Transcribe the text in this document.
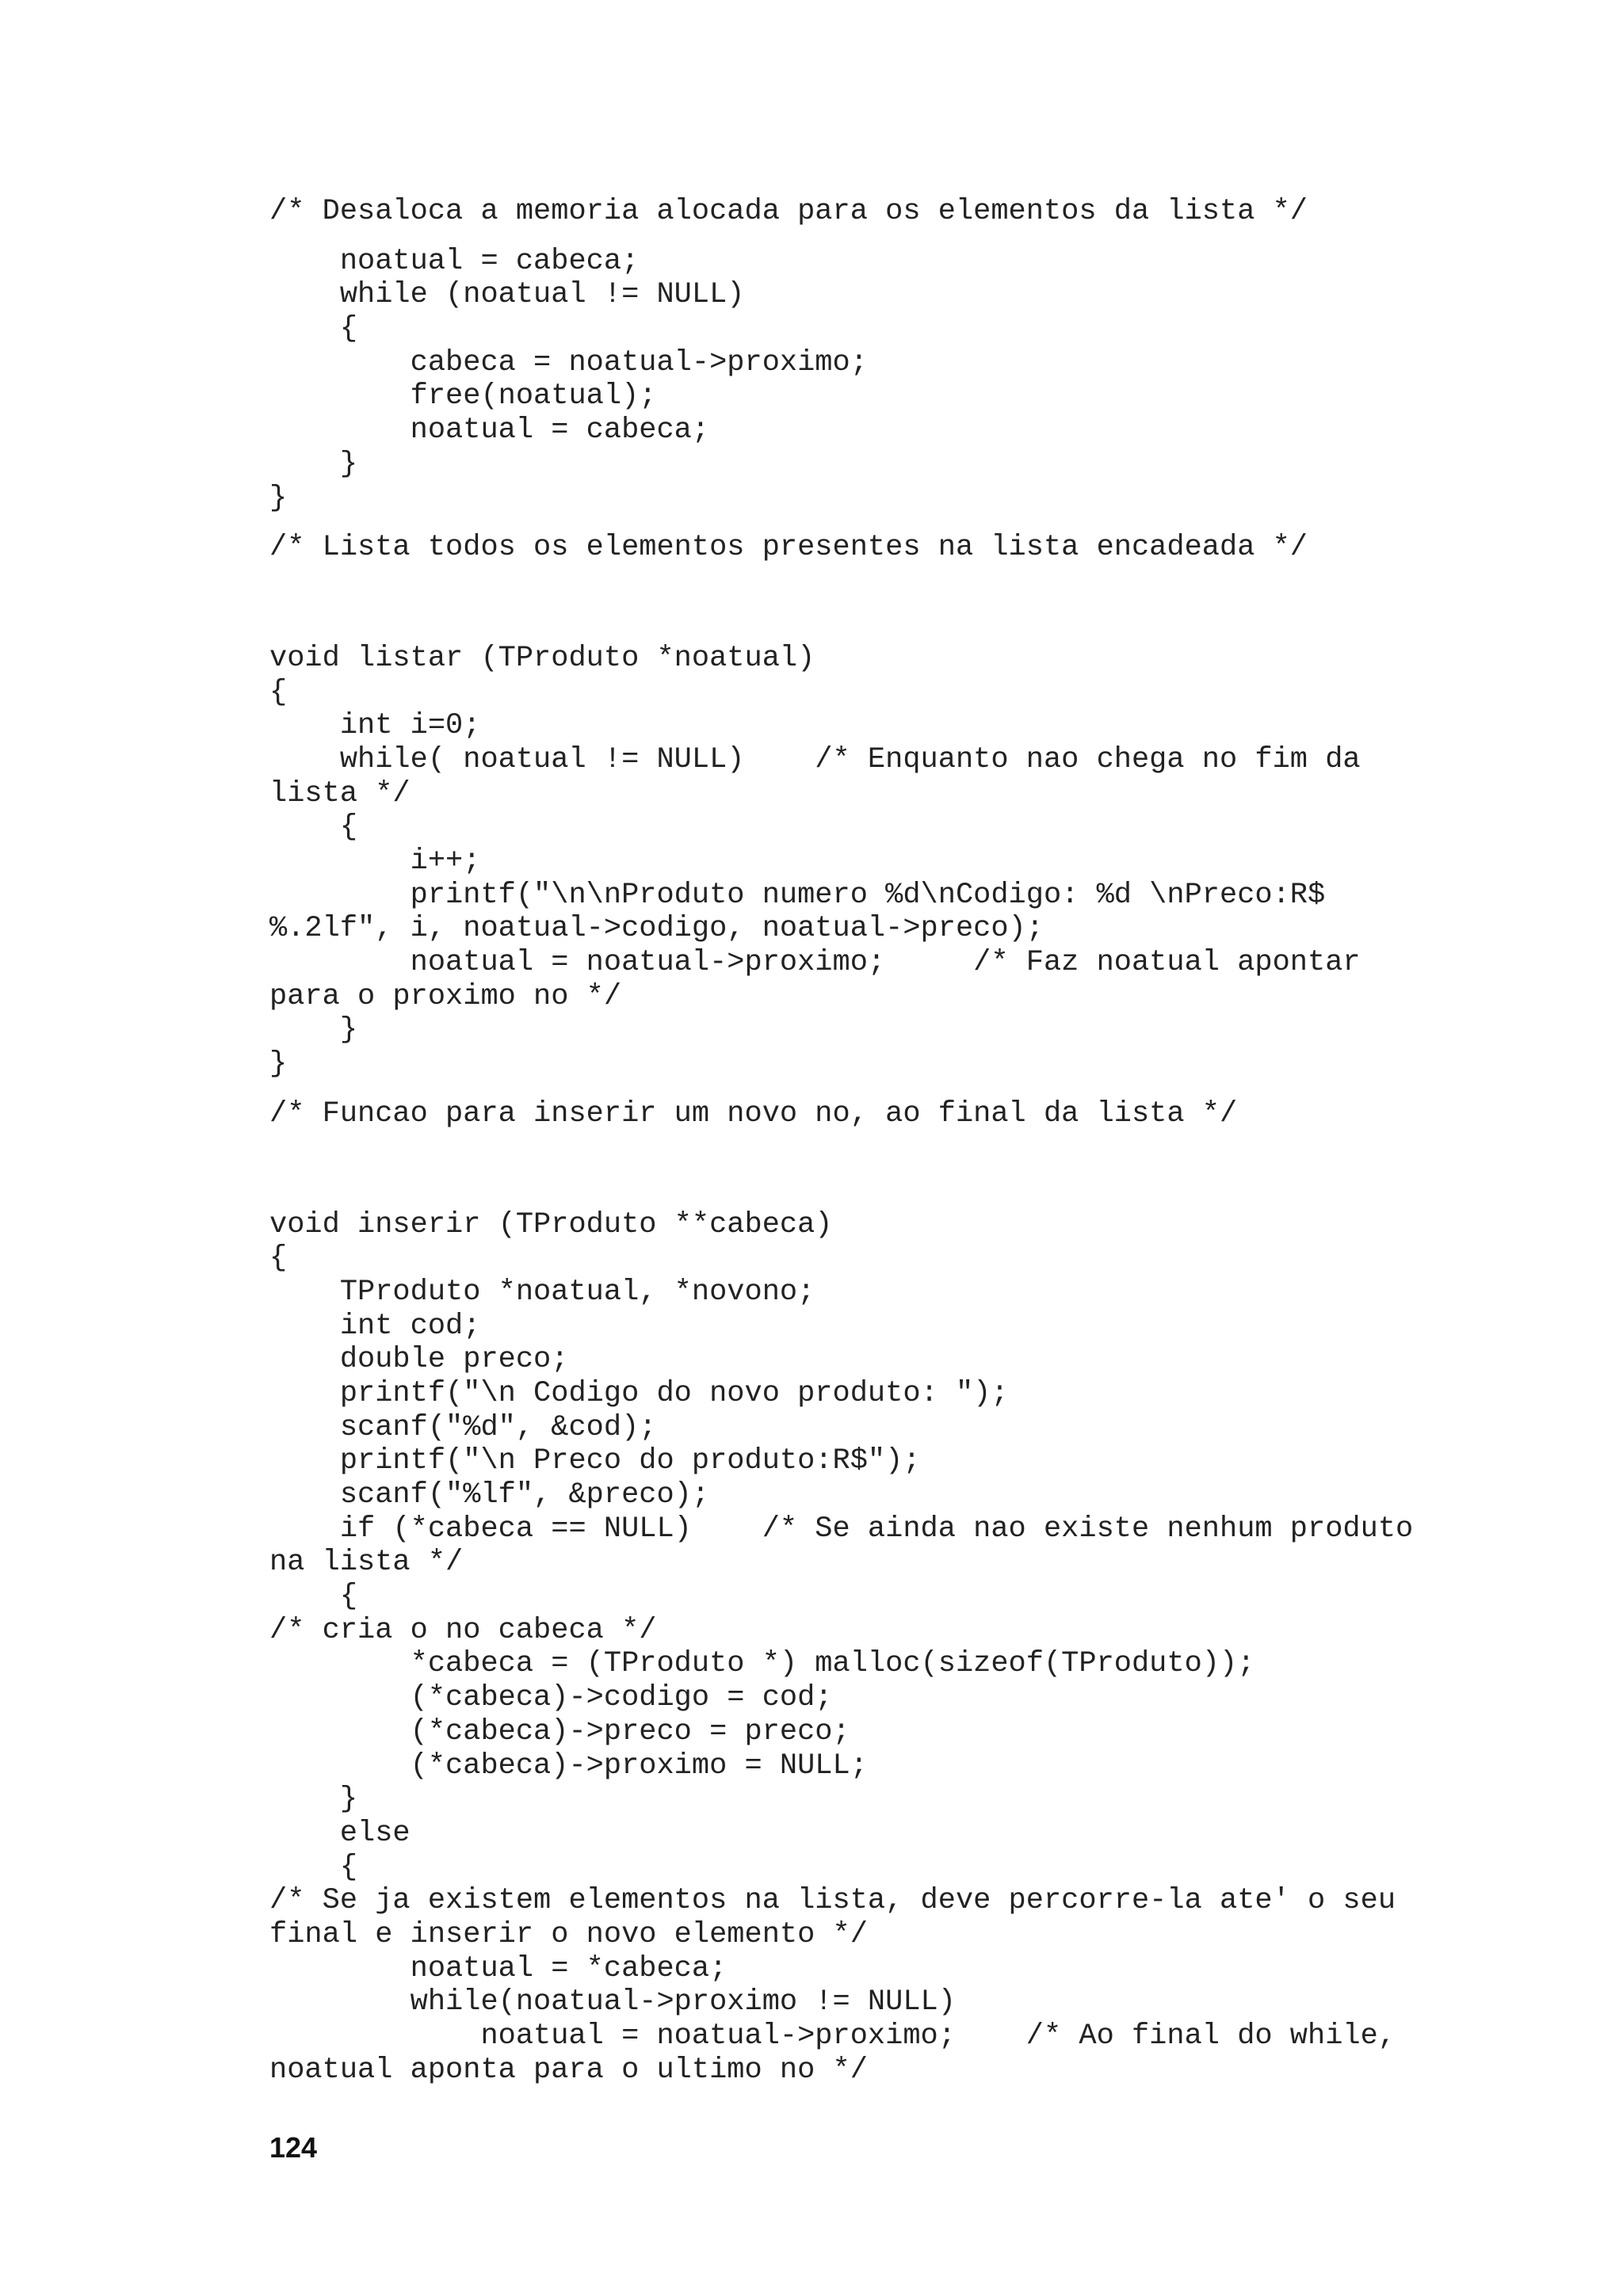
/* Desaloca a memoria alocada para os elementos da lista */
noatual = cabeca;
while (noatual != NULL)
{
cabeca = noatual->proximo;
free(noatual);
noatual = cabeca;
}
}
/* Lista todos os elementos presentes na lista encadeada */
void listar (TProduto *noatual)
{
int i=0;
while( noatual != NULL)    /* Enquanto nao chega no fim da
lista */
{
i++;
printf("\n\nProduto numero %d\nCodigo: %d \nPreco:R$
%.2lf", i, noatual->codigo, noatual->preco);
noatual = noatual->proximo;     /* Faz noatual apontar
para o proximo no */
}
}
/* Funcao para inserir um novo no, ao final da lista */
void inserir (TProduto **cabeca)
{
TProduto *noatual, *novono;
int cod;
double preco;
printf("\n Codigo do novo produto: ");
scanf("%d", &cod);
printf("\n Preco do produto:R$");
scanf("%lf", &preco);
if (*cabeca == NULL)    /* Se ainda nao existe nenhum produto
na lista */
{
/* cria o no cabeca */
*cabeca = (TProduto *) malloc(sizeof(TProduto));
(*cabeca)->codigo = cod;
(*cabeca)->preco = preco;
(*cabeca)->proximo = NULL;
}
else
{
/* Se ja existem elementos na lista, deve percorre-la ate' o seu
final e inserir o novo elemento */
noatual = *cabeca;
while(noatual->proximo != NULL)
noatual = noatual->proximo;    /* Ao final do while,
noatual aponta para o ultimo no */
124
